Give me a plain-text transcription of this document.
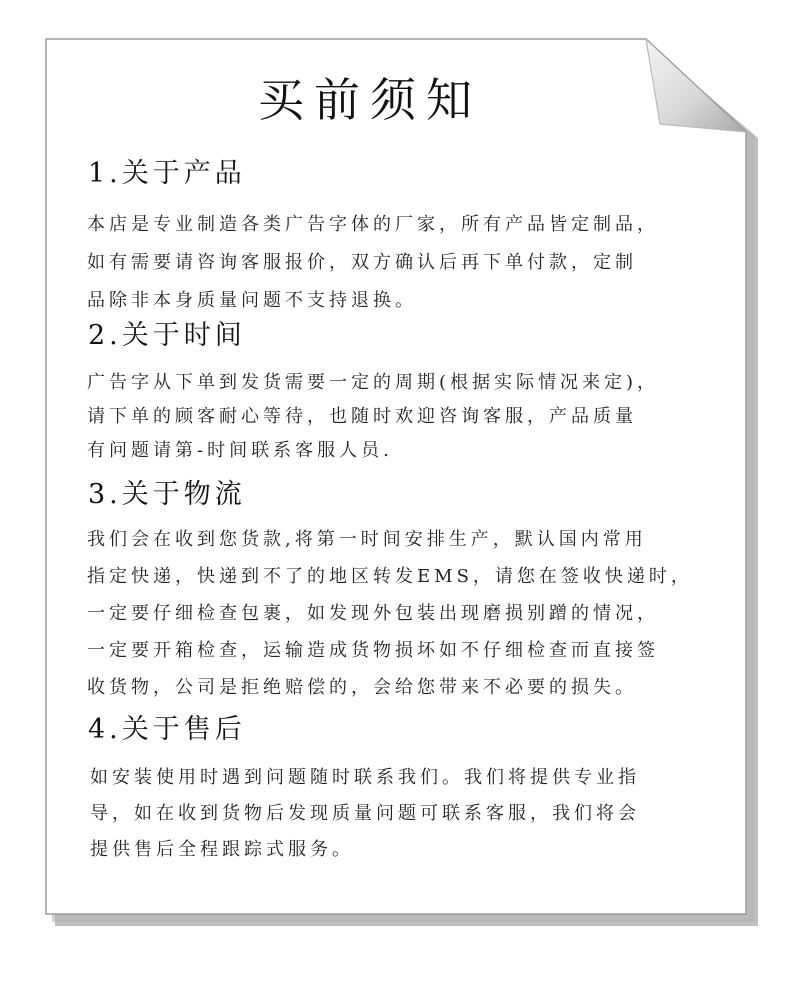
买前须知
1.关于产品
本店是专业制造各类广告字体的厂家，所有产品皆定制品，
如有需要请咨询客服报价，双方确认后再下单付款，定制
品除非本身质量问题不支持退换。
2.关于时间
广告字从下单到发货需要一定的周期(根据实际情况来定)，
请下单的顾客耐心等待，也随时欢迎咨询客服，产品质量
有问题请第-时间联系客服人员.
3.关于物流
我们会在收到您货款,将第一时间安排生产，默认国内常用
指定快递，快递到不了的地区转发EMS，请您在签收快递时，
一定要仔细检查包裹，如发现外包装出现磨损别蹭的情况，
一定要开箱检查，运输造成货物损坏如不仔细检查而直接签
收货物，公司是拒绝赔偿的，会给您带来不必要的损失。
4.关于售后
如安装使用时遇到问题随时联系我们。我们将提供专业指
导，如在收到货物后发现质量问题可联系客服，我们将会
提供售后全程跟踪式服务。
